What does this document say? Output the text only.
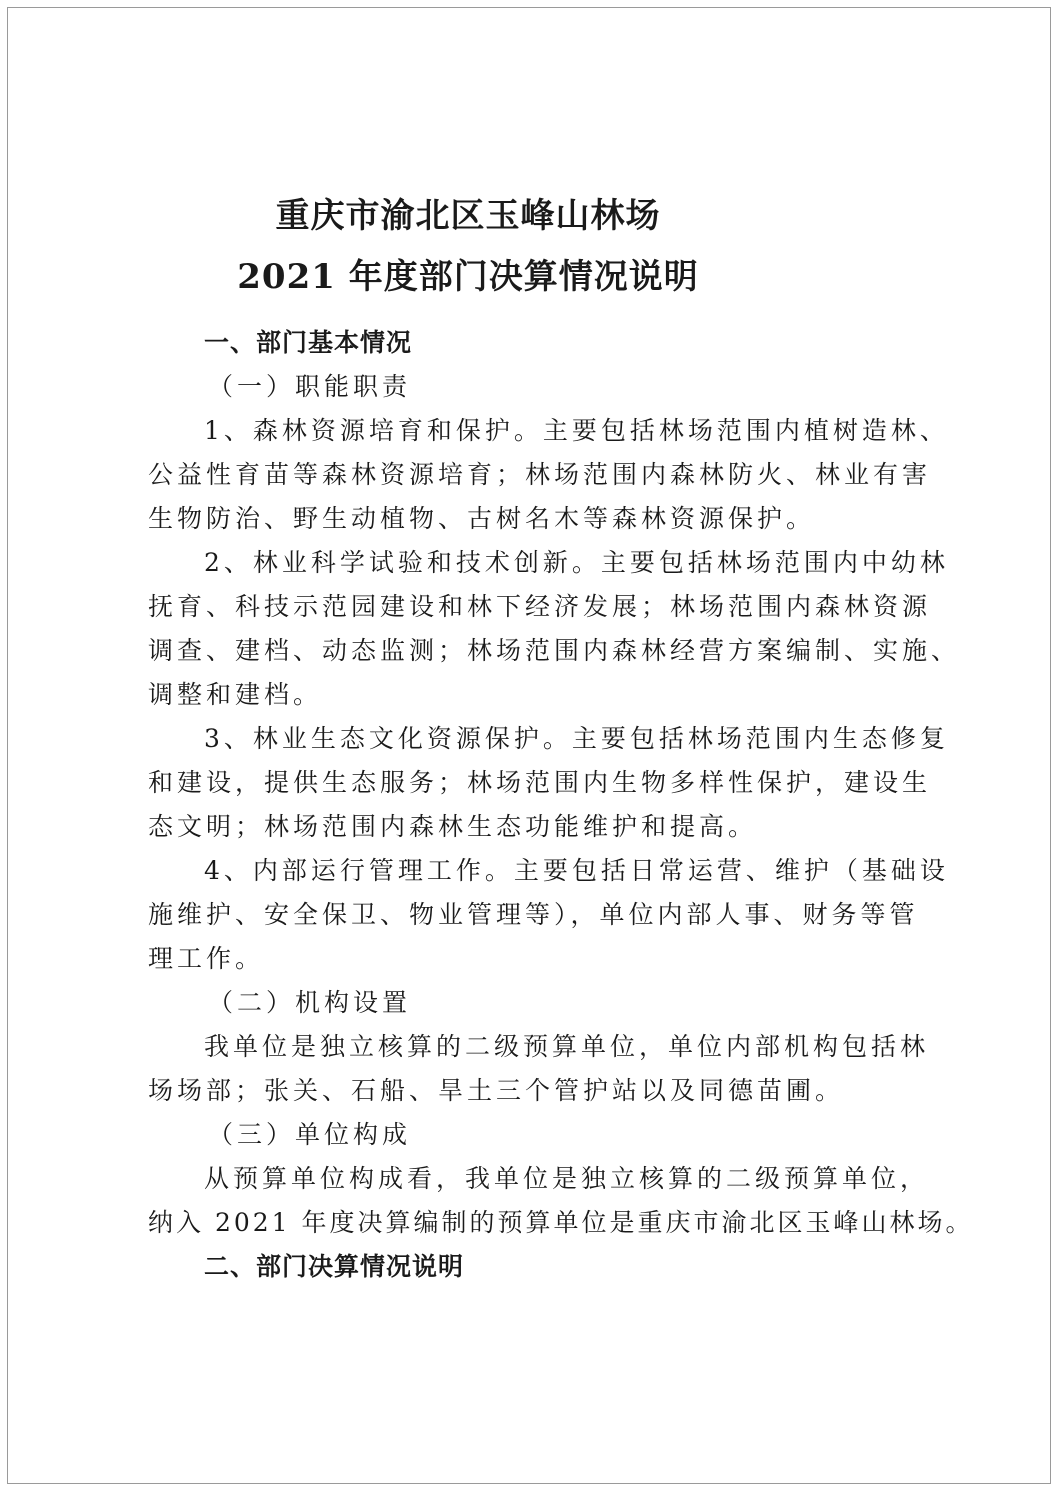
重庆市渝北区玉峰山林场
2021 年度部门决算情况说明
一、部门基本情况
（一）职能职责
1、森林资源培育和保护。主要包括林场范围内植树造林、
公益性育苗等森林资源培育；林场范围内森林防火、林业有害
生物防治、野生动植物、古树名木等森林资源保护。
2、林业科学试验和技术创新。主要包括林场范围内中幼林
抚育、科技示范园建设和林下经济发展；林场范围内森林资源
调查、建档、动态监测；林场范围内森林经营方案编制、实施、
调整和建档。
3、林业生态文化资源保护。主要包括林场范围内生态修复
和建设，提供生态服务；林场范围内生物多样性保护，建设生
态文明；林场范围内森林生态功能维护和提高。
4、内部运行管理工作。主要包括日常运营、维护（基础设
施维护、安全保卫、物业管理等），单位内部人事、财务等管
理工作。
（二）机构设置
我单位是独立核算的二级预算单位，单位内部机构包括林
场场部；张关、石船、旱土三个管护站以及同德苗圃。
（三）单位构成
从预算单位构成看，我单位是独立核算的二级预算单位，
纳入 2021 年度决算编制的预算单位是重庆市渝北区玉峰山林场。
二、部门决算情况说明
